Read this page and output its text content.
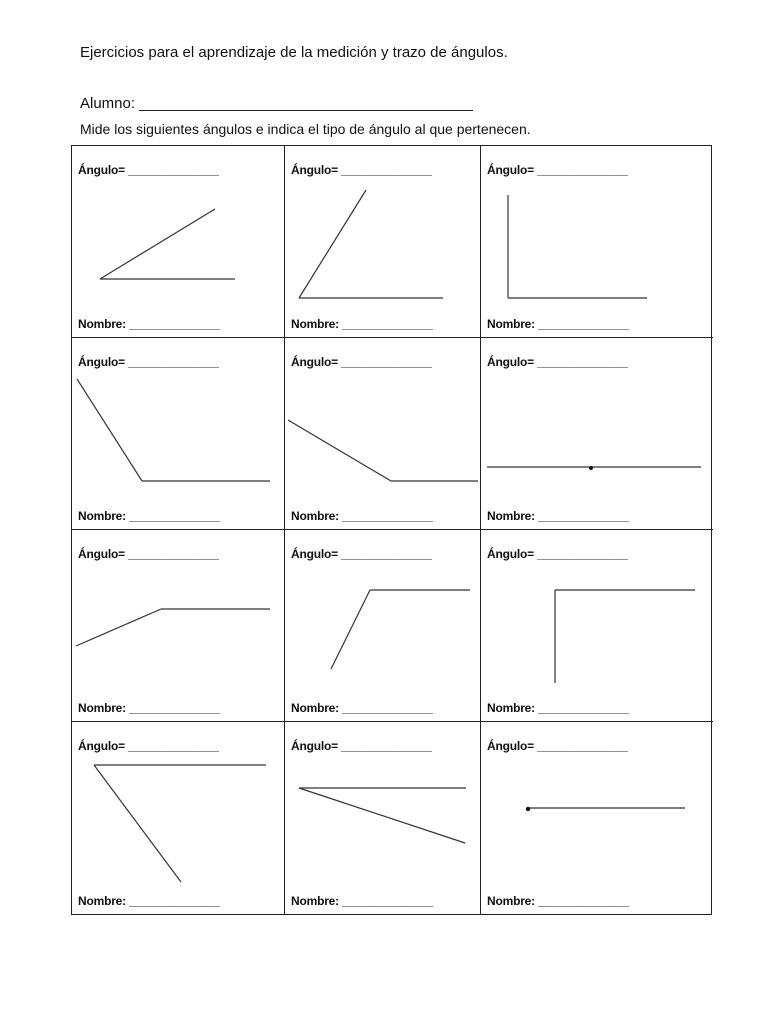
Ejercicios para el aprendizaje de la medición y trazo de ángulos.
Alumno: ________________________________________
Mide los siguientes ángulos e indica el tipo de ángulo al que pertenecen.
Ángulo= ______________
Nombre: ______________
Ángulo= ______________
Nombre: ______________
Ángulo= ______________
Nombre: ______________
Ángulo= ______________
Nombre: ______________
Ángulo= ______________
Nombre: ______________
Ángulo= ______________
Nombre: ______________
Ángulo= ______________
Nombre: ______________
Ángulo= ______________
Nombre: ______________
Ángulo= ______________
Nombre: ______________
Ángulo= ______________
Nombre: ______________
Ángulo= ______________
Nombre: ______________
Ángulo= ______________
Nombre: ______________
